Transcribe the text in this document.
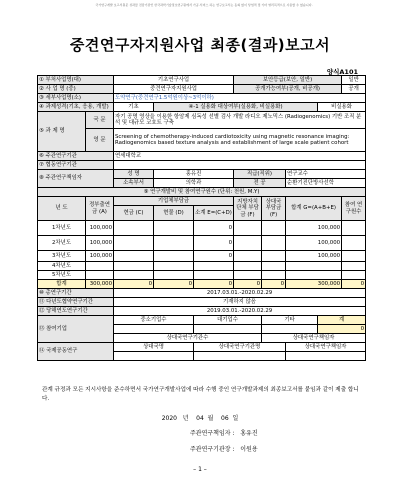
국가연구개발 보고서원문 성과물 전담기관인 한국과학기술정보연구원에서 가공·서비스 하는 연구보고서는 동의 없이 상업적 및 기타 영리목적으로 사용할 수 없습니다.
중견연구자지원사업 최종(결과)보고서
양식A101
① 부처사업명(대)		기초연구사업			보안등급(보안, 일반)				일반
② 사 업 명 (중)		중견연구자지원사업			공개가능여부(공개, 비공개)				공개
③ 세부사업명(소)		도약연구(중견연구1.5억원이상~3억이하)							
④ 과제성격(기초, 응용, 개발)		기초	④-1 실용화 대상여부(실용화, 비실용화)					비실용화	
⑤ 과 제 명	국 문	자기 공명 영상을 이용한 항암제 심독성 선별 검사 개발 라디오 제노믹스 (Radiogenomics) 기반 조직 분석 및 대규모 코호트 구축							
	영 문	Screening of chemotherapy-induced cardiotoxicity using magnetic resonance imaging: Radiogenomics based texture analysis and establishment of large scale patient cohort							
⑥ 주관연구기관		연세대학교							
⑦ 협동연구기관									
⑧ 주관연구책임자		성 명	홍유진		직급(직위)		연구교수		
		소속부서	의학과		전 공		순환기진단방사선학		
⑨ 연구개발비 및 참여연구원수 (단위: 천원, M.Y)									
년 도	정부출연금 (A)	기업체부담금			지방자치 단체 부담금 (F)	상대국 부담금 (F)	합계 G=(A+B+E)		참여 연구원수
		현금 (C)	현물 (D)	소계 E=(C+D)					
1차년도	100,000			0			100,000		
2차년도	100,000			0			100,000		
3차년도	100,000			0			100,000		
4차년도									
5차년도									
합계	300,000	0	0	0	0	0	300,000		0
⑩ 총연구기간		2017.03.01.-2020.02.29							
⑪ 다년도협약연구기간		기재하지 않음							
⑫ 당해연도연구기간		2019.03.01.-2020.02.29							
⑬ 참여기업		중소기업수		대기업수		기타		계	
								0	
		상대국연구기관수				상대국연구책임자			
⑭ 국제공동연구		상대국명		상대국연구기관명			상대국연구책임자		

관계 규정과 모든 지시사항을 준수하면서 국가연구개발사업에 따라 수행 중인 연구개발과제의 최종보고서를 붙임과 같이 제출 합니다.
2020 년 04 월 06 일
주관연구책임자 : 홍유진
주관연구기관장 : 이원용
– 1 –
